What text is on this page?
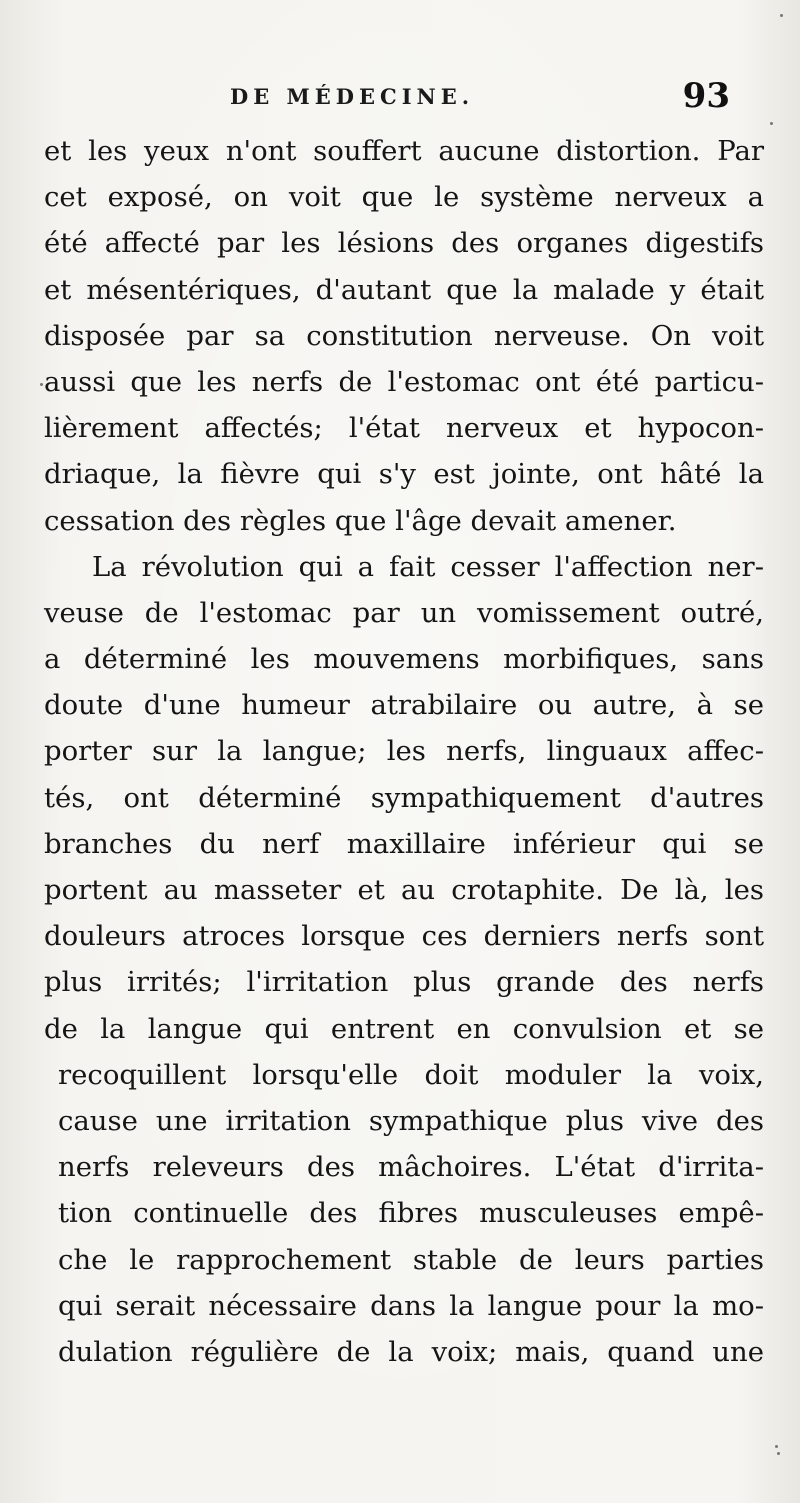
DE MÉDECINE.	93
et les yeux n'ont souffert aucune distortion. Par
cet exposé, on voit que le système nerveux a
été affecté par les lésions des organes digestifs
et mésentériques, d'autant que la malade y était
disposée par sa constitution nerveuse. On voit
aussi que les nerfs de l'estomac ont été particu-
lièrement affectés; l'état nerveux et hypocon-
driaque, la fièvre qui s'y est jointe, ont hâté la
cessation des règles que l'âge devait amener.
La révolution qui a fait cesser l'affection ner-
veuse de l'estomac par un vomissement outré,
a déterminé les mouvemens morbifiques, sans
doute d'une humeur atrabilaire ou autre, à se
porter sur la langue; les nerfs, linguaux affec-
tés, ont déterminé sympathiquement d'autres
branches du nerf maxillaire inférieur qui se
portent au masseter et au crotaphite. De là, les
douleurs atroces lorsque ces derniers nerfs sont
plus irrités; l'irritation plus grande des nerfs
de la langue qui entrent en convulsion et se
recoquillent lorsqu'elle doit moduler la voix,
cause une irritation sympathique plus vive des
nerfs releveurs des mâchoires. L'état d'irrita-
tion continuelle des fibres musculeuses empê-
che le rapprochement stable de leurs parties
qui serait nécessaire dans la langue pour la mo-
dulation régulière de la voix; mais, quand une
